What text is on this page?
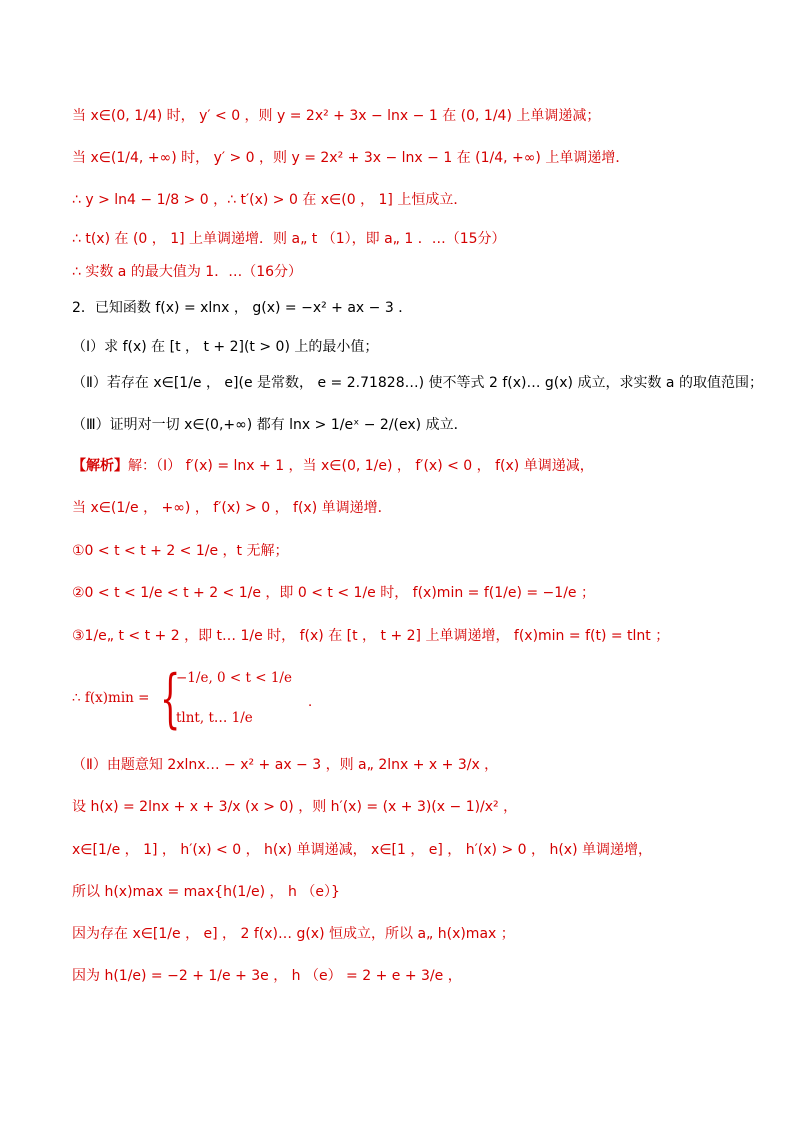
当 x∈(0, 1/4) 时， y′ < 0 ，则 y = 2x² + 3x − lnx − 1 在 (0, 1/4) 上单调递减；
当 x∈(1/4, +∞) 时， y′ > 0 ，则 y = 2x² + 3x − lnx − 1 在 (1/4, +∞) 上单调递增．
∴ y > ln4 − 1/8 > 0 ，∴ t′(x) > 0 在 x∈(0 ， 1] 上恒成立．
∴ t(x) 在 (0 ， 1] 上单调递增．则 a„ t （1），即 a„ 1 ．…（15分）
∴ 实数 a 的最大值为 1．…（16分）
2．已知函数 f(x) = xlnx ， g(x) = −x² + ax − 3 ．
（Ⅰ）求 f(x) 在 [t ， t + 2](t > 0) 上的最小值；
（Ⅱ）若存在 x∈[1/e ， e](e 是常数， e = 2.71828…) 使不等式 2 f(x)… g(x) 成立，求实数 a 的取值范围；
（Ⅲ）证明对一切 x∈(0,+∞) 都有 lnx > 1/eˣ − 2/(ex) 成立．
【解析】解：（Ⅰ） f′(x) = lnx + 1 ，当 x∈(0, 1/e) ， f′(x) < 0 ， f(x) 单调递减，
当 x∈(1/e ， +∞) ， f′(x) > 0 ， f(x) 单调递增．
①0 < t < t + 2 < 1/e ，t 无解；
②0 < t < 1/e < t + 2 < 1/e ，即 0 < t < 1/e 时， f(x)min = f(1/e) = −1/e ；
③1/e„ t < t + 2 ，即 t… 1/e 时， f(x) 在 [t ， t + 2] 上单调递增， f(x)min = f(t) = tlnt ；
∴ f(x)min = {
−1/e, 0 < t < 1/e
tlnt, t… 1/e
．
（Ⅱ）由题意知 2xlnx… − x² + ax − 3 ，则 a„ 2lnx + x + 3/x ，
设 h(x) = 2lnx + x + 3/x (x > 0) ，则 h′(x) = (x + 3)(x − 1)/x² ，
x∈[1/e ， 1] ， h′(x) < 0 ， h(x) 单调递减， x∈[1 ， e] ， h′(x) > 0 ， h(x) 单调递增，
所以 h(x)max = max{h(1/e) ， h （e）}
因为存在 x∈[1/e ， e] ， 2 f(x)… g(x) 恒成立，所以 a„ h(x)max ；
因为 h(1/e) = −2 + 1/e + 3e ， h （e） = 2 + e + 3/e ，
